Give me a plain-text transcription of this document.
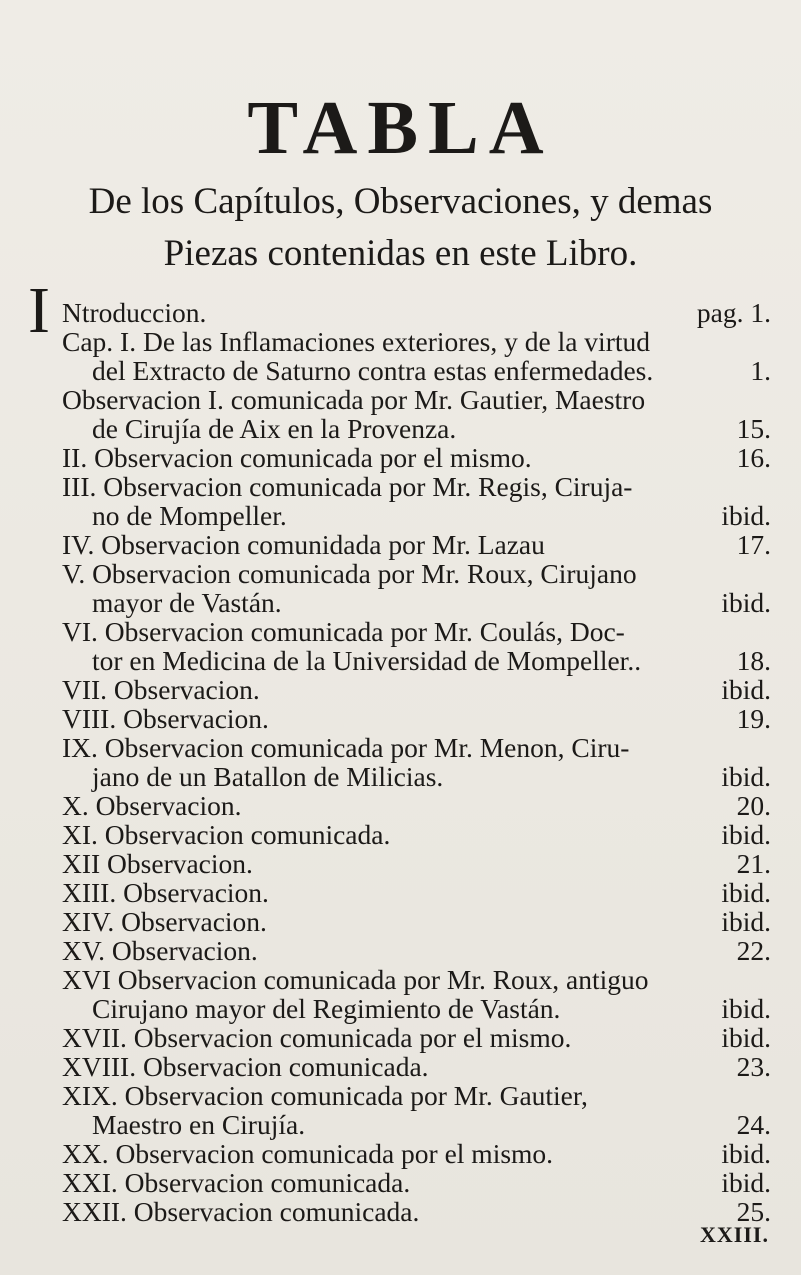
TABLA
De los Capítulos, Observaciones, y demas
Piezas contenidas en este Libro.
I Ntroduccion.	pag. 1.
Cap. I. De las Inflamaciones exteriores, y de la virtud
del Extracto de Saturno contra estas enfermedades.	1.
Observacion I. comunicada por Mr. Gautier, Maestro
de Cirujía de Aix en la Provenza.	15.
II. Observacion comunicada por el mismo.	16.
III. Observacion comunicada por Mr. Regis, Ciruja-
no de Mompeller.	ibid.
IV. Observacion comunidada por Mr. Lazau	17.
V. Observacion comunicada por Mr. Roux, Cirujano
mayor de Vastán.	ibid.
VI. Observacion comunicada por Mr. Coulás, Doc-
tor en Medicina de la Universidad de Mompeller..	18.
VII. Observacion.	ibid.
VIII. Observacion.	19.
IX. Observacion comunicada por Mr. Menon, Ciru-
jano de un Batallon de Milicias.	ibid.
X. Observacion.	20.
XI. Observacion comunicada.	ibid.
XII Observacion.	21.
XIII. Observacion.	ibid.
XIV. Observacion.	ibid.
XV. Observacion.	22.
XVI Observacion comunicada por Mr. Roux, antiguo
Cirujano mayor del Regimiento de Vastán.	ibid.
XVII. Observacion comunicada por el mismo.	ibid.
XVIII. Observacion comunicada.	23.
XIX. Observacion comunicada por Mr. Gautier,
Maestro en Cirujía.	24.
XX. Observacion comunicada por el mismo.	ibid.
XXI. Observacion comunicada.	ibid.
XXII. Observacion comunicada.	25.
XXIII.
